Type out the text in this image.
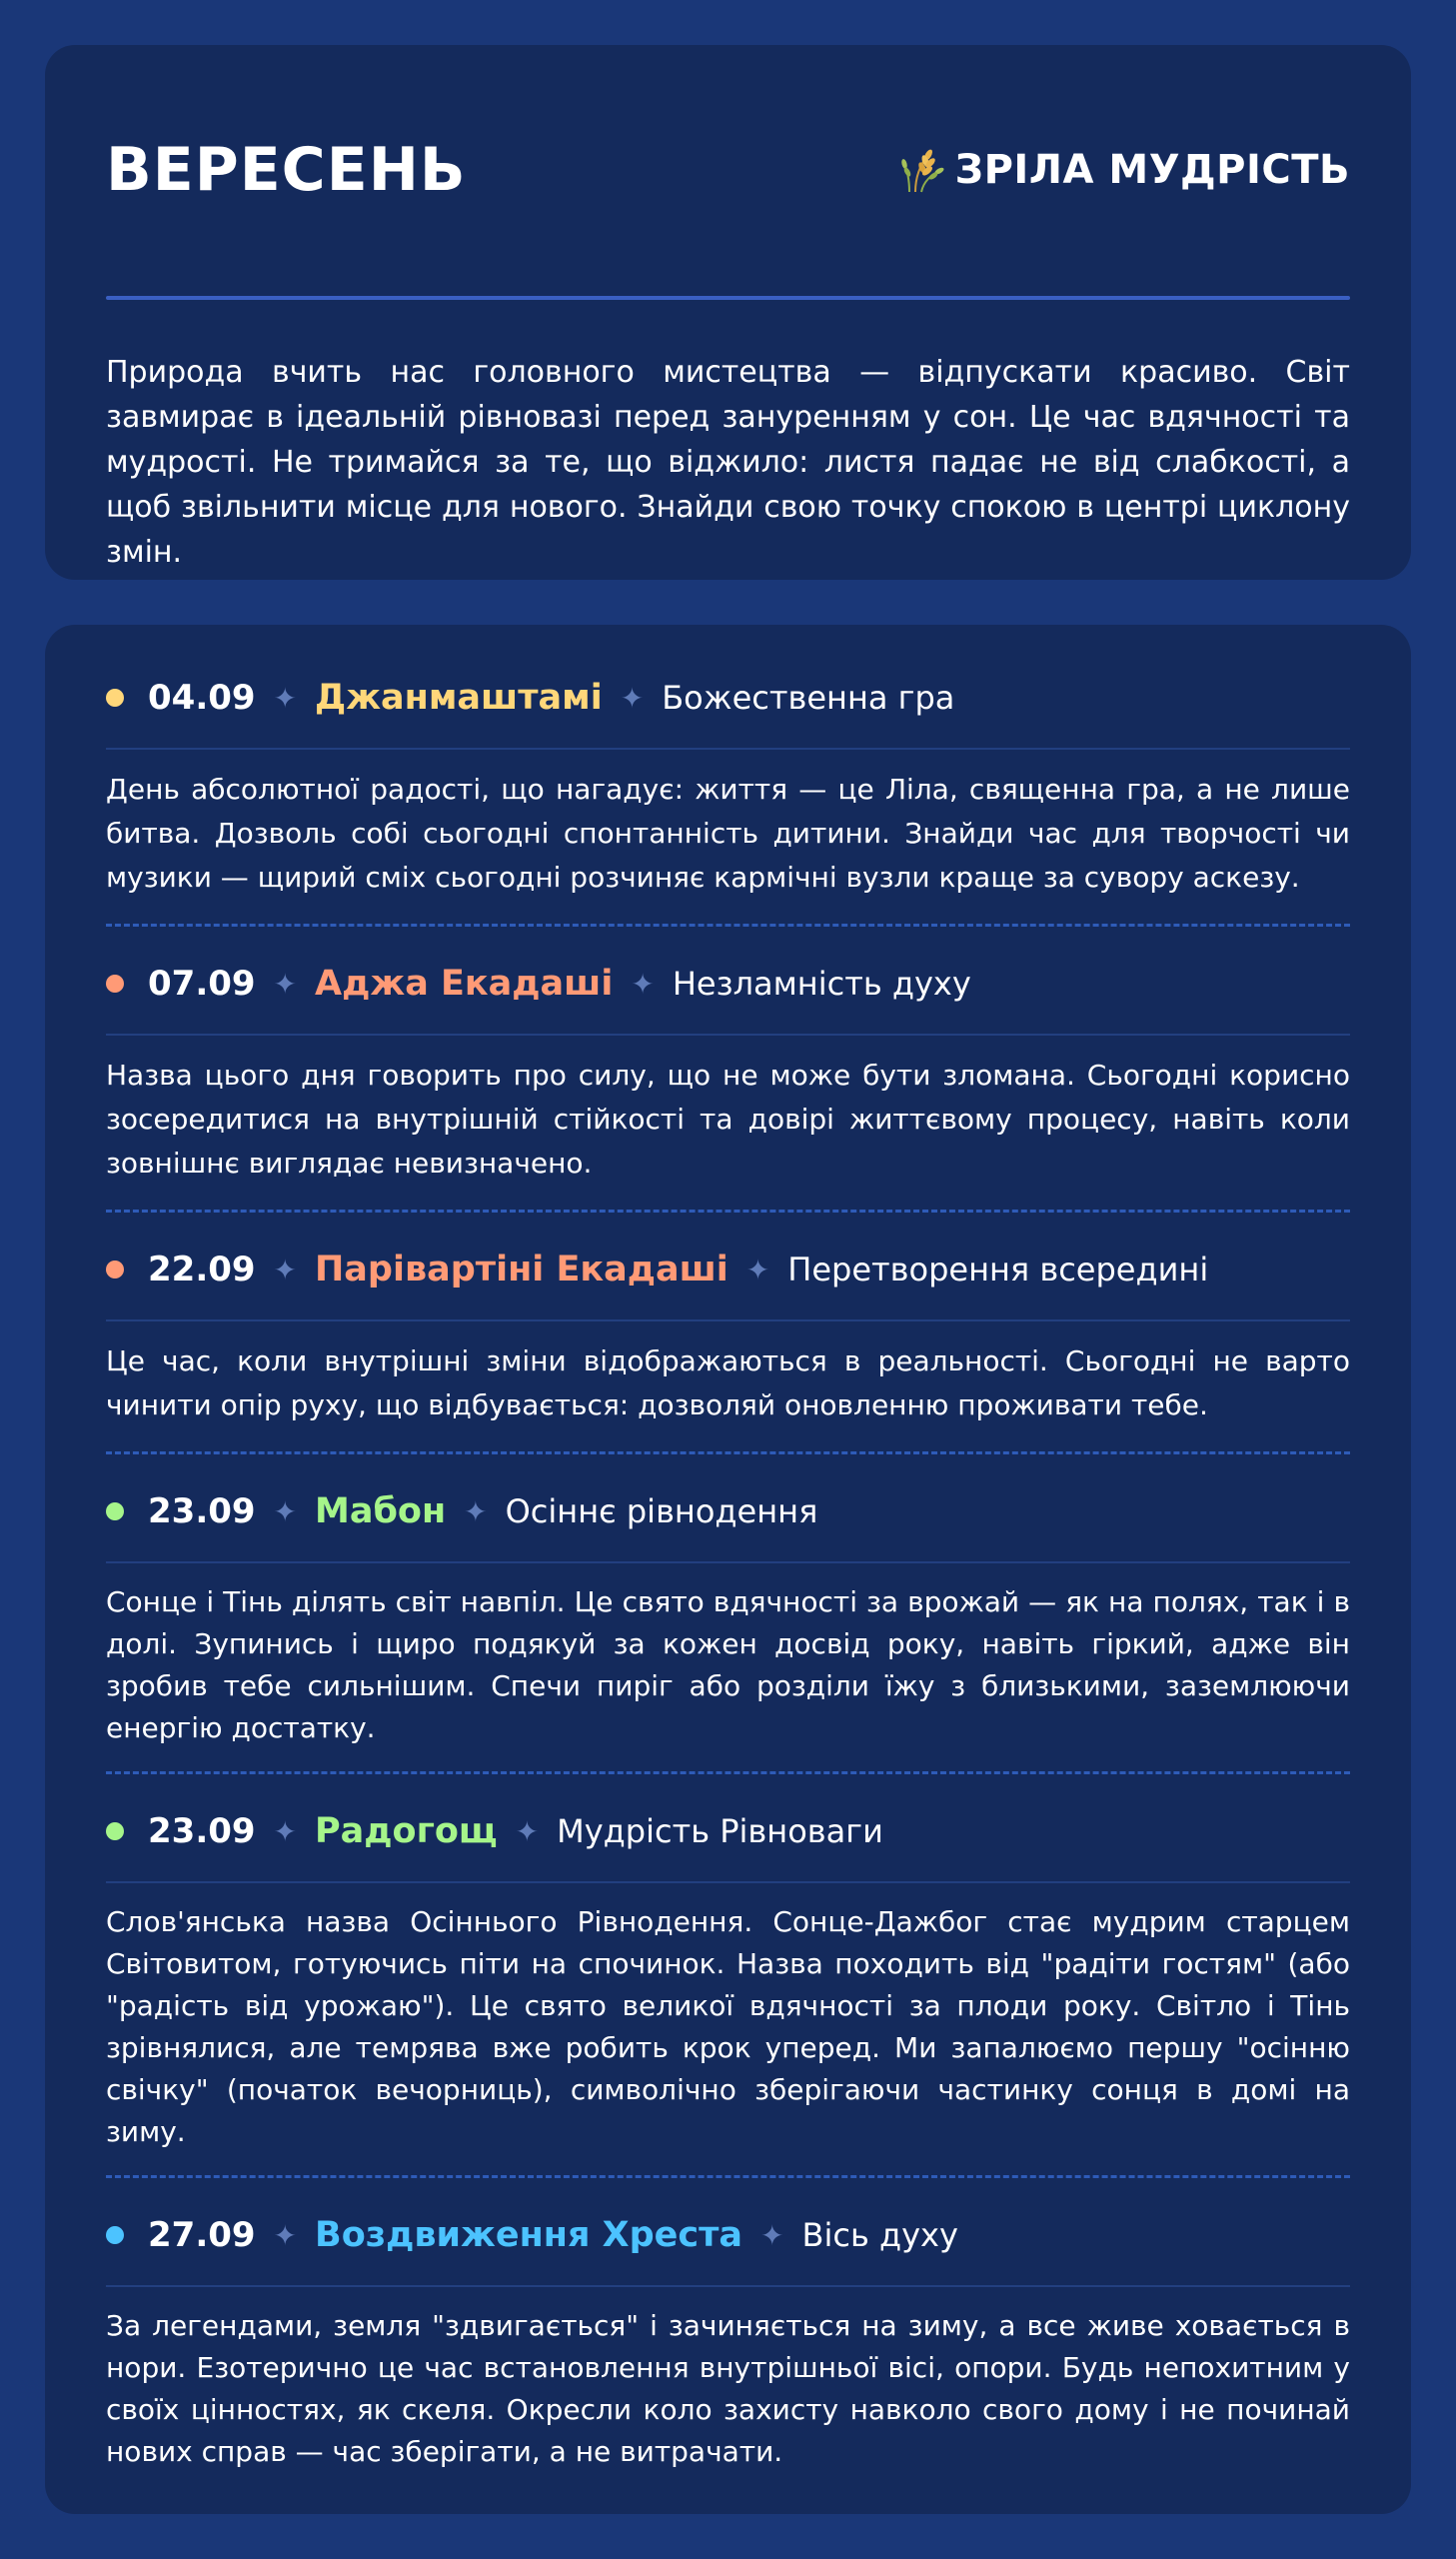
ВЕРЕСЕНЬ	ЗРІЛА МУДРІСТЬ

Природа вчить нас головного мистецтва — відпускати красиво. Світ завмирає в ідеальній рівновазі перед зануренням у сон. Це час вдячності та мудрості. Не тримайся за те, що віджило: листя падає не від слабкості, а щоб звільнити місце для нового. Знайди свою точку спокою в центрі циклону змін.

04.09 ✦ Джанмаштамі ✦ Божественна гра

День абсолютної радості, що нагадує: життя — це Ліла, священна гра, а не лише битва. Дозволь собі сьогодні спонтанність дитини. Знайди час для творчості чи музики — щирий сміх сьогодні розчиняє кармічні вузли краще за сувору аскезу.

07.09 ✦ Аджа Екадаші ✦ Незламність духу

Назва цього дня говорить про силу, що не може бути зломана. Сьогодні корисно зосередитися на внутрішній стійкості та довірі життєвому процесу, навіть коли зовнішнє виглядає невизначено.

22.09 ✦ Парівартіні Екадаші ✦ Перетворення всередині

Це час, коли внутрішні зміни відображаються в реальності. Сьогодні не варто чинити опір руху, що відбувається: дозволяй оновленню проживати тебе.

23.09 ✦ Мабон ✦ Осіннє рівнодення

Сонце і Тінь ділять світ навпіл. Це свято вдячності за врожай — як на полях, так і в долі. Зупинись і щиро подякуй за кожен досвід року, навіть гіркий, адже він зробив тебе сильнішим. Спечи пиріг або розділи їжу з близькими, заземлюючи енергію достатку.

23.09 ✦ Радогощ ✦ Мудрість Рівноваги

Слов'янська назва Осіннього Рівнодення. Сонце-Дажбог стає мудрим старцем Світовитом, готуючись піти на спочинок. Назва походить від "радіти гостям" (або "радість від урожаю"). Це свято великої вдячності за плоди року. Світло і Тінь зрівнялися, але темрява вже робить крок уперед. Ми запалюємо першу "осінню свічку" (початок вечорниць), символічно зберігаючи частинку сонця в домі на зиму.

27.09 ✦ Воздвиження Хреста ✦ Вісь духу

За легендами, земля "здвигається" і зачиняється на зиму, а все живе ховається в нори. Езотерично це час встановлення внутрішньої вісі, опори. Будь непохитним у своїх цінностях, як скеля. Окресли коло захисту навколо свого дому і не починай нових справ — час зберігати, а не витрачати.
